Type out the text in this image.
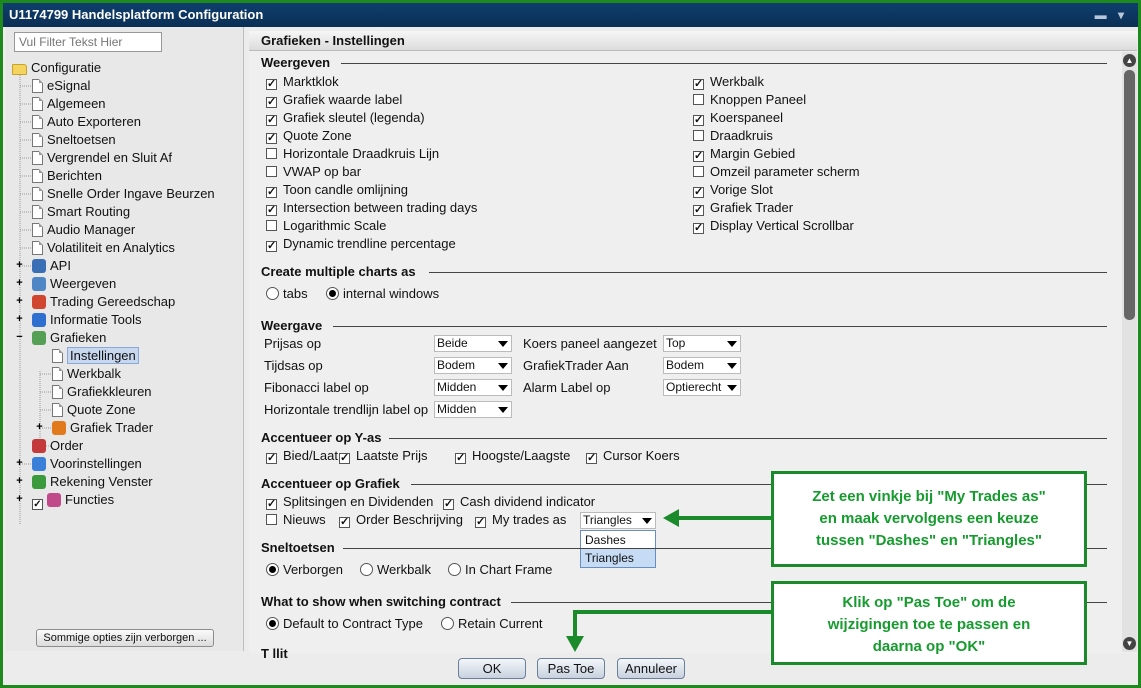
U1174799 Handelsplatform Configuration	▬ ▾
Vul Filter Tekst Hier
Configuratie
eSignal
Algemeen
Auto Exporteren
Sneltoetsen
Vergrendel en Sluit Af
Berichten
Snelle Order Ingave Beurzen
Smart Routing
Audio Manager
Volatiliteit en Analytics
+ API
+ Weergeven
+ Trading Gereedschap
+ Informatie Tools
− Grafieken
Instellingen
Werkbalk
Grafiekkleuren
Quote Zone
+ Grafiek Trader
Order
+ Voorinstellingen
+ Rekening Venster
+ ✓ Functies
Sommige opties zijn verborgen ...
Grafieken - Instellingen
Weergeven
Create multiple charts as
Weergave
Accentueer op Y-as
Accentueer op Grafiek
Triangles
Dashes
Triangles
Sneltoetsen
What to show when switching contract
T llit
✓ Marktklok
✓ Grafiek waarde label
✓ Grafiek sleutel (legenda)
✓ Quote Zone
Horizontale Draadkruis Lijn
VWAP op bar
✓ Toon candle omlijning
✓ Intersection between trading days
Logarithmic Scale
✓ Dynamic trendline percentage
✓ Werkbalk
Knoppen Paneel
✓ Koerspaneel
Draadkruis
✓ Margin Gebied
Omzeil parameter scherm
✓ Vorige Slot
✓ Grafiek Trader
✓ Display Vertical Scrollbar
tabs	internal windows
Prijsas op	Beide
Tijdsas op	Bodem
Fibonacci label op	Midden
Horizontale trendlijn label op Midden
Koers paneel aangezet Top
GrafiekTrader Aan	Bodem
Alarm Label op	Optierecht
✓ Bied/Laat ✓ Laatste Prijs	✓ Hoogste/Laagste ✓ Cursor Koers
✓ Splitsingen en Dividenden ✓ Cash dividend indicator
Nieuws ✓ Order Beschrijving ✓ My trades as
Verborgen	Werkbalk	In Chart Frame
Default to Contract Type	Retain Current
▲
▼
OK	Pas Toe	Annuleer
Zet een vinkje bij "My Trades as"
en maak vervolgens een keuze
tussen "Dashes" en "Triangles"
Klik op "Pas Toe" om de
wijzigingen toe te passen en
daarna op "OK"
